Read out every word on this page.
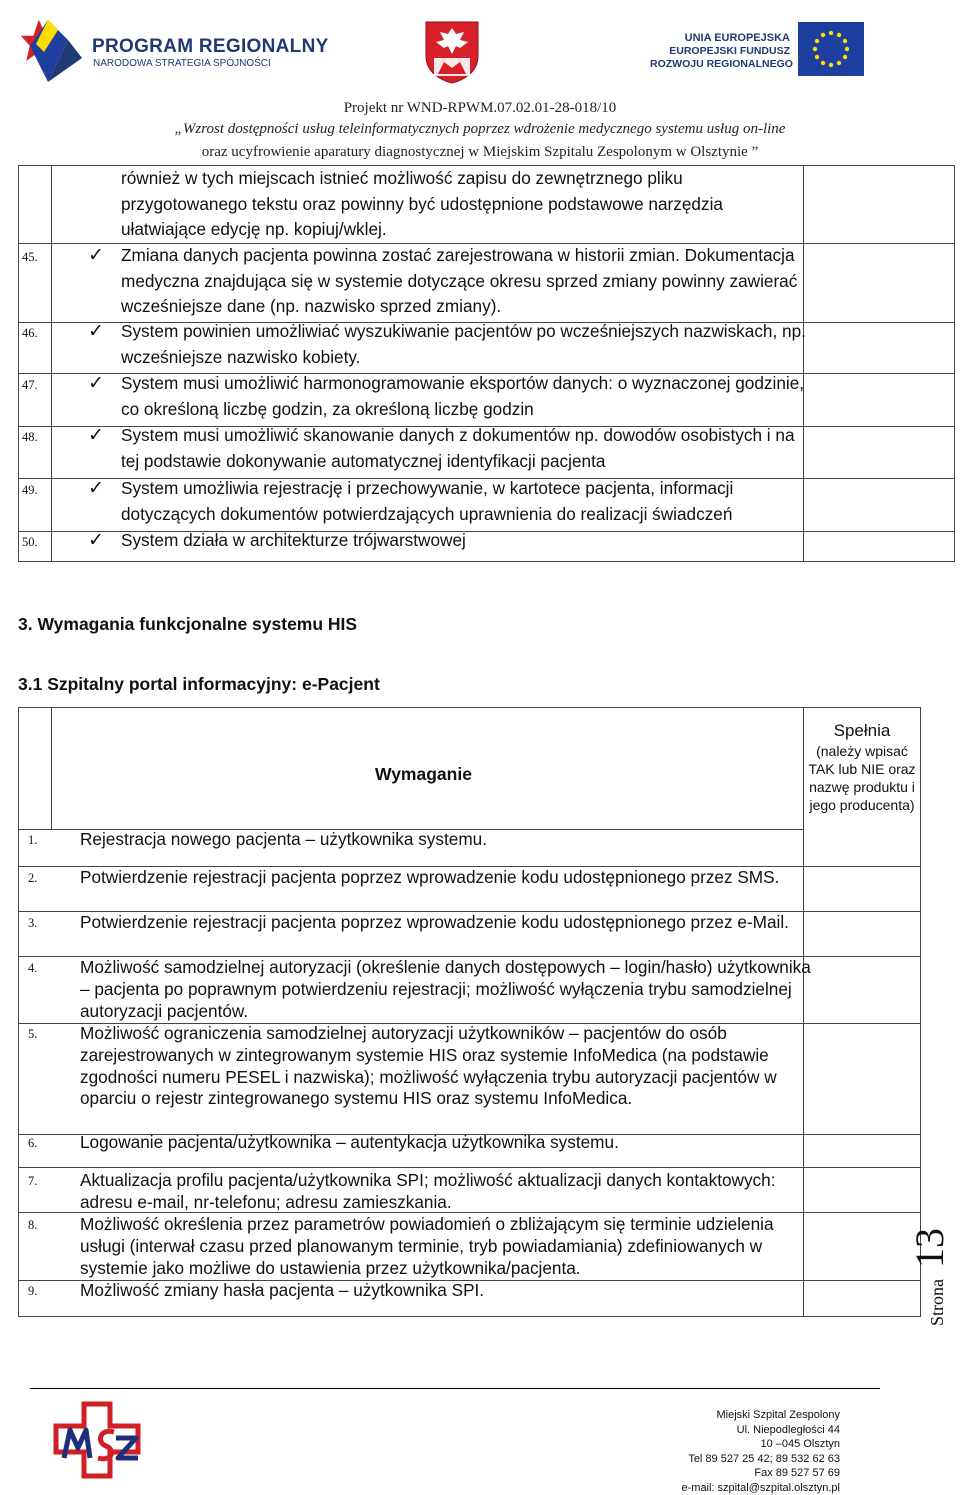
PROGRAM REGIONALNY
NARODOWA STRATEGIA SPÓJNOŚCI
UNIA EUROPEJSKA
EUROPEJSKI FUNDUSZ
ROZWOJU REGIONALNEGO
Projekt nr WND-RPWM.07.02.01-28-018/10
„Wzrost dostępności usług teleinformatycznych poprzez wdrożenie medycznego systemu usług on-line
oraz ucyfrowienie aparatury diagnostycznej w Miejskim Szpitalu Zespolonym w Olsztynie ”
również w tych miejscach istnieć możliwość zapisu do zewnętrznego pliku przygotowanego tekstu oraz powinny być udostępnione podstawowe narzędzia ułatwiające edycję np. kopiuj/wklej.
45.	✓ Zmiana danych pacjenta powinna zostać zarejestrowana w historii zmian. Dokumentacja medyczna znajdująca się w systemie dotyczące okresu sprzed zmiany powinny zawierać wcześniejsze dane (np. nazwisko sprzed zmiany).
46.	✓ System powinien umożliwiać wyszukiwanie pacjentów po wcześniejszych nazwiskach, np. wcześniejsze nazwisko kobiety.
47.	✓ System musi umożliwić harmonogramowanie eksportów danych: o wyznaczonej godzinie, co określoną liczbę godzin, za określoną liczbę godzin
48.	✓ System musi umożliwić skanowanie danych z dokumentów np. dowodów osobistych i na tej podstawie dokonywanie automatycznej identyfikacji pacjenta
49.	✓ System umożliwia rejestrację i przechowywanie, w kartotece pacjenta, informacji dotyczących dokumentów potwierdzających uprawnienia do realizacji świadczeń
50.	✓ System działa w architekturze trójwarstwowej
3. Wymagania funkcjonalne systemu HIS
3.1 Szpitalny portal informacyjny: e-Pacjent
Wymaganie
Spełnia
(należy wpisać TAK lub NIE oraz nazwę produktu i jego producenta)
1. Rejestracja nowego pacjenta – użytkownika systemu.
2. Potwierdzenie rejestracji pacjenta poprzez wprowadzenie kodu udostępnionego przez SMS.
3. Potwierdzenie rejestracji pacjenta poprzez wprowadzenie kodu udostępnionego przez e-Mail.
4. Możliwość samodzielnej autoryzacji (określenie danych dostępowych – login/hasło) użytkownika – pacjenta po poprawnym potwierdzeniu rejestracji; możliwość wyłączenia trybu samodzielnej autoryzacji pacjentów.
5. Możliwość ograniczenia samodzielnej autoryzacji użytkowników – pacjentów do osób zarejestrowanych w zintegrowanym systemie HIS oraz systemie InfoMedica (na podstawie zgodności numeru PESEL i nazwiska); możliwość wyłączenia trybu autoryzacji pacjentów w oparciu o rejestr zintegrowanego systemu HIS oraz systemu InfoMedica.
6. Logowanie pacjenta/użytkownika – autentykacja użytkownika systemu.
7. Aktualizacja profilu pacjenta/użytkownika SPI; możliwość aktualizacji danych kontaktowych: adresu e-mail, nr-telefonu; adresu zamieszkania.
8. Możliwość określenia przez parametrów powiadomień o zbliżającym się terminie udzielenia usługi (interwał czasu przed planowanym terminie, tryb powiadamiania) zdefiniowanych w systemie jako możliwe do ustawienia przez użytkownika/pacjenta.
9. Możliwość zmiany hasła pacjenta – użytkownika SPI.	Strona
13
Miejski Szpital Zespolony
Ul. Niepodległości 44
10 –045 Olsztyn
Tel 89 527 25 42; 89 532 62 63
Fax 89 527 57 69
e-mail: szpital@szpital.olsztyn.pl
